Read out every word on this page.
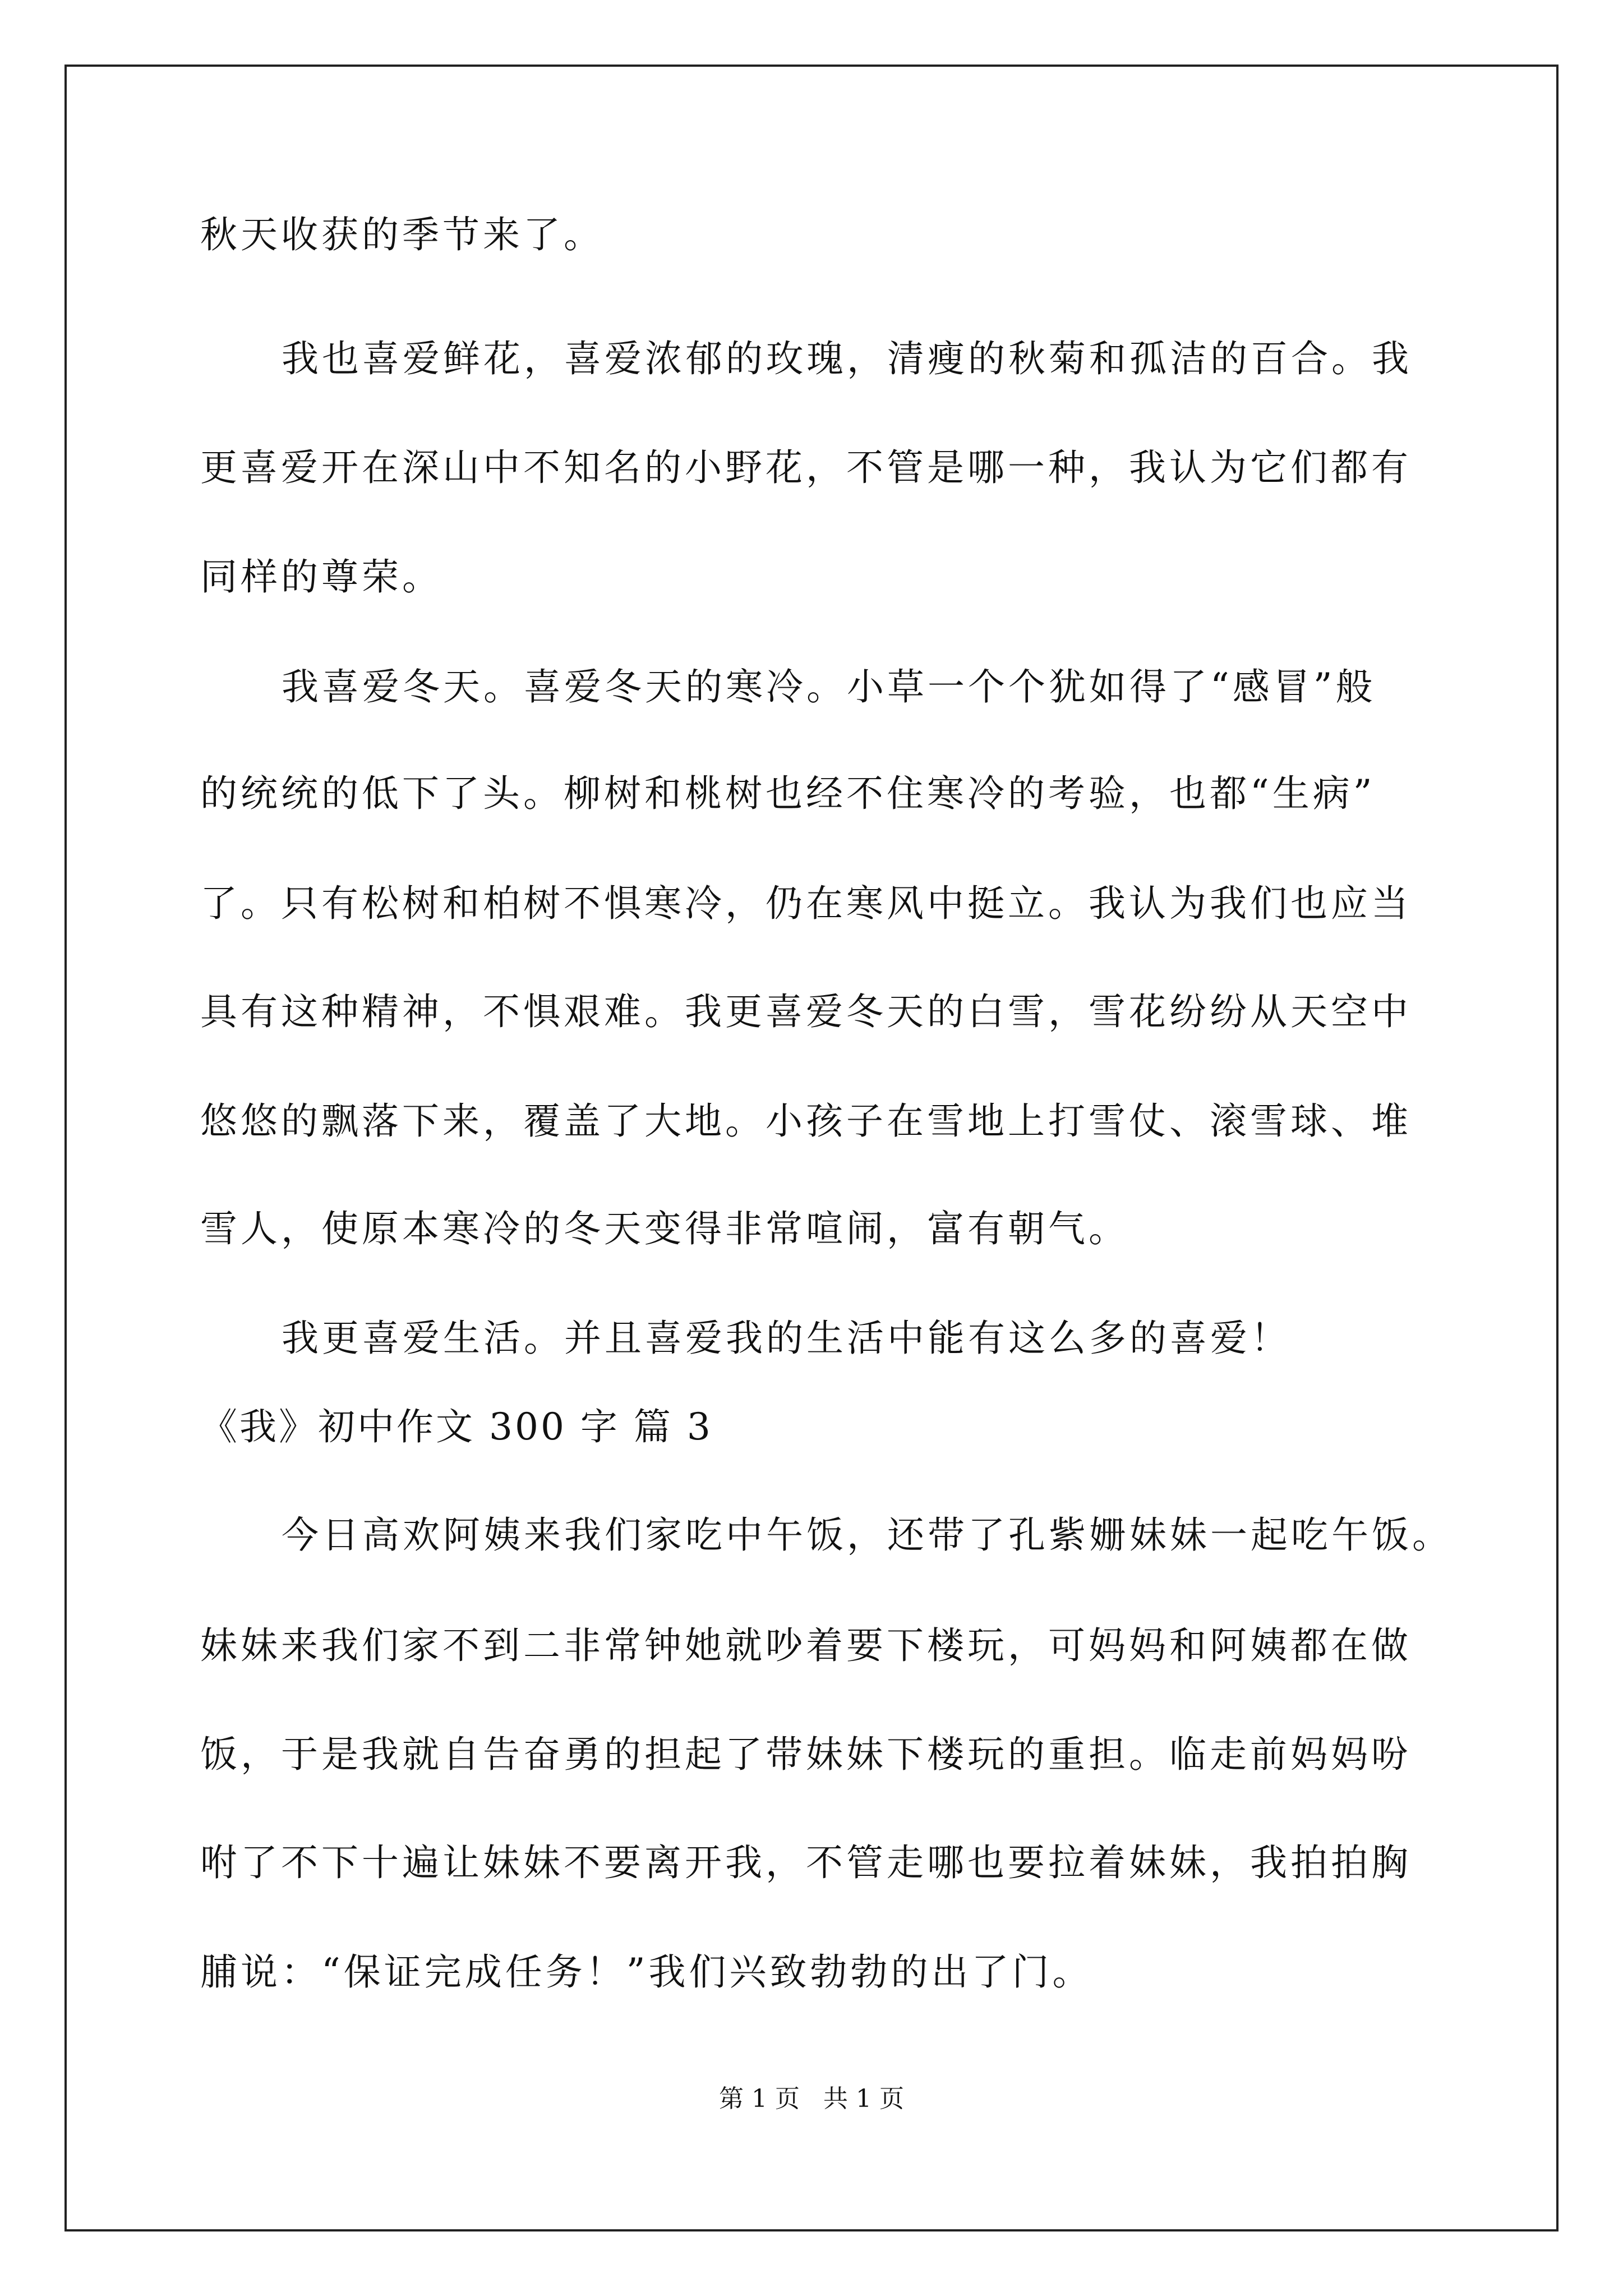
秋天收获的季节来了。
我也喜爱鲜花，喜爱浓郁的玫瑰，清瘦的秋菊和孤洁的百合。我
更喜爱开在深山中不知名的小野花，不管是哪一种，我认为它们都有
同样的尊荣。
我喜爱冬天。喜爱冬天的寒冷。小草一个个犹如得了“感冒”般
的统统的低下了头。柳树和桃树也经不住寒冷的考验，也都“生病”
了。只有松树和柏树不惧寒冷，仍在寒风中挺立。我认为我们也应当
具有这种精神，不惧艰难。我更喜爱冬天的白雪，雪花纷纷从天空中
悠悠的飘落下来，覆盖了大地。小孩子在雪地上打雪仗、滚雪球、堆
雪人，使原本寒冷的冬天变得非常喧闹，富有朝气。
我更喜爱生活。并且喜爱我的生活中能有这么多的喜爱！
《我》初中作文 300 字 篇 3
今日高欢阿姨来我们家吃中午饭，还带了孔紫姗妹妹一起吃午饭。
妹妹来我们家不到二非常钟她就吵着要下楼玩，可妈妈和阿姨都在做
饭，于是我就自告奋勇的担起了带妹妹下楼玩的重担。临走前妈妈吩
咐了不下十遍让妹妹不要离开我，不管走哪也要拉着妹妹，我拍拍胸
脯说：“保证完成任务！”我们兴致勃勃的出了门。
第 1 页   共 1 页
